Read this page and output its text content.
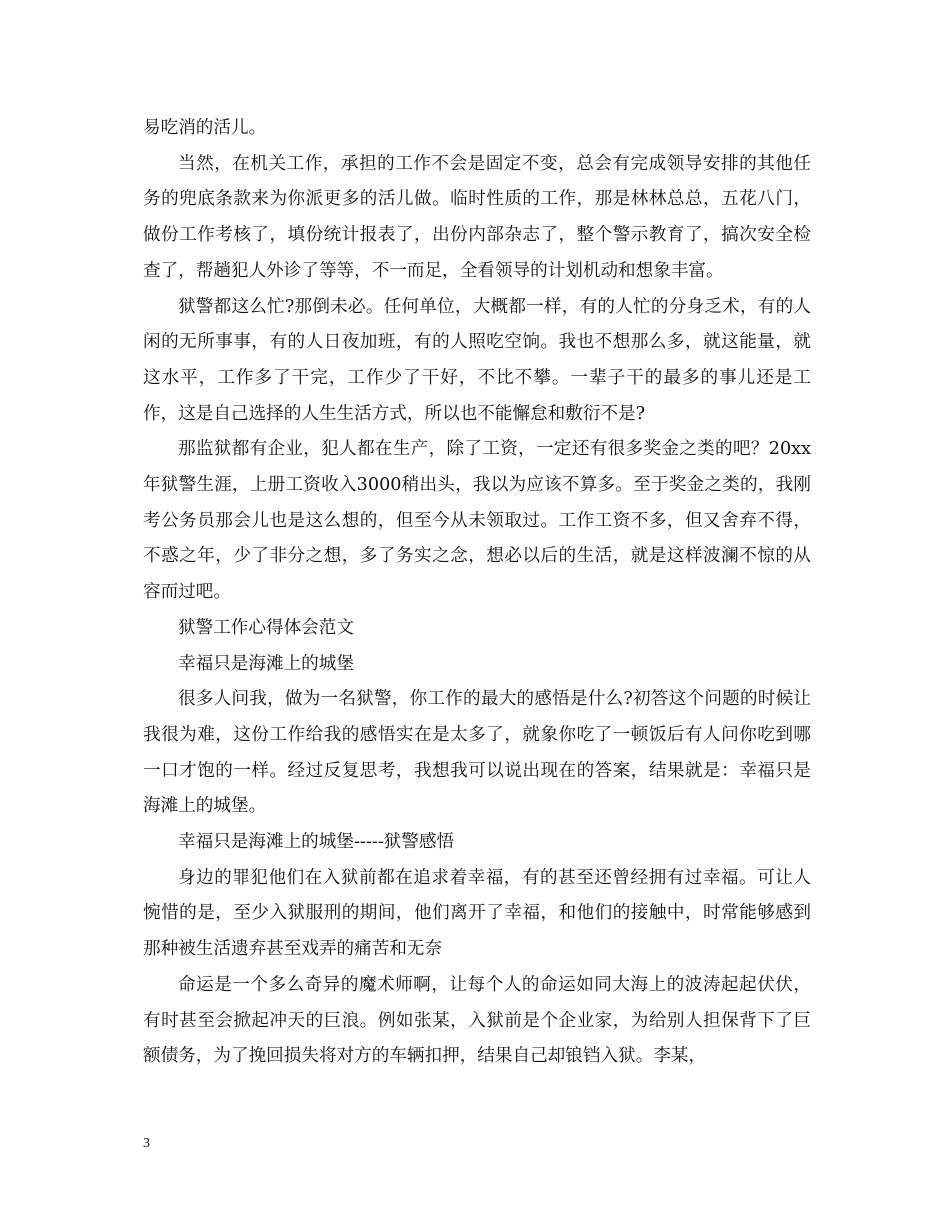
易吃消的活儿。

当然，在机关工作，承担的工作不会是固定不变，总会有完成领导安排的其他任务的兜底条款来为你派更多的活儿做。临时性质的工作，那是林林总总，五花八门，做份工作考核了，填份统计报表了，出份内部杂志了，整个警示教育了，搞次安全检查了，帮趟犯人外诊了等等，不一而足，全看领导的计划机动和想象丰富。

狱警都这么忙?那倒未必。任何单位，大概都一样，有的人忙的分身乏术，有的人闲的无所事事，有的人日夜加班，有的人照吃空饷。我也不想那么多，就这能量，就这水平，工作多了干完，工作少了干好，不比不攀。一辈子干的最多的事儿还是工作，这是自己选择的人生生活方式，所以也不能懈怠和敷衍不是?

那监狱都有企业，犯人都在生产，除了工资，一定还有很多奖金之类的吧？20xx年狱警生涯，上册工资收入3000稍出头，我以为应该不算多。至于奖金之类的，我刚考公务员那会儿也是这么想的，但至今从未领取过。工作工资不多，但又舍弃不得，不惑之年，少了非分之想，多了务实之念，想必以后的生活，就是这样波澜不惊的从容而过吧。

狱警工作心得体会范文

幸福只是海滩上的城堡

很多人问我，做为一名狱警，你工作的最大的感悟是什么?初答这个问题的时候让我很为难，这份工作给我的感悟实在是太多了，就象你吃了一顿饭后有人问你吃到哪一口才饱的一样。经过反复思考，我想我可以说出现在的答案，结果就是：幸福只是海滩上的城堡。

幸福只是海滩上的城堡-----狱警感悟

身边的罪犯他们在入狱前都在追求着幸福，有的甚至还曾经拥有过幸福。可让人惋惜的是，至少入狱服刑的期间，他们离开了幸福，和他们的接触中，时常能够感到那种被生活遗弃甚至戏弄的痛苦和无奈

命运是一个多么奇异的魔术师啊，让每个人的命运如同大海上的波涛起起伏伏，有时甚至会掀起冲天的巨浪。例如张某，入狱前是个企业家，为给别人担保背下了巨额债务，为了挽回损失将对方的车辆扣押，结果自己却锒铛入狱。李某，

3
